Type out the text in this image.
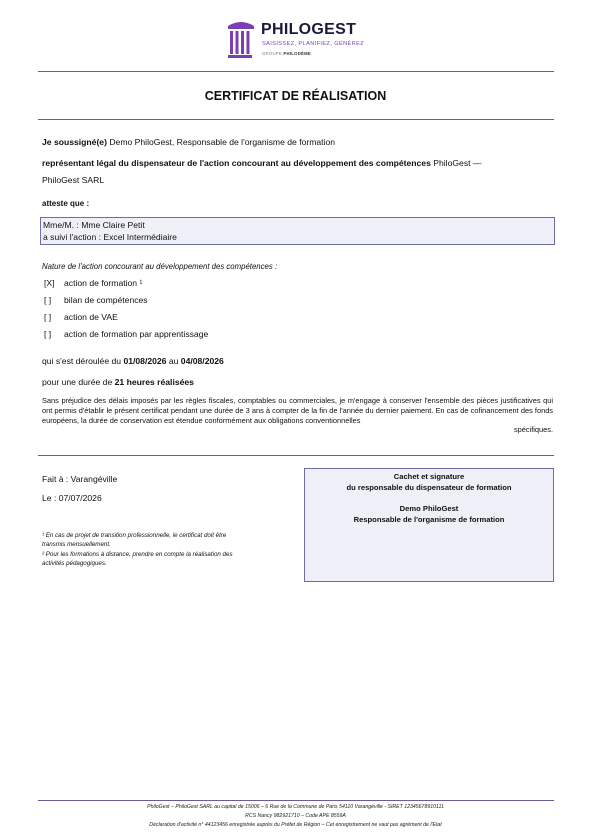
PHILOGEST
SAISISSEZ, PLANIFIEZ, GÉNÉREZ
GROUPE PHILODÈME
CERTIFICAT DE RÉALISATION
Je soussigné(e) Demo PhiloGest, Responsable de l'organisme de formation
représentant légal du dispensateur de l'action concourant au développement des compétences PhiloGest —
PhiloGest SARL
atteste que :
Mme/M. : Mme Claire Petit
a suivi l'action : Excel Intermédiaire
Nature de l'action concourant au développement des compétences :
[X] action de formation ¹
[ ] bilan de compétences
[ ] action de VAE
[ ] action de formation par apprentissage
qui s'est déroulée du 01/08/2026 au 04/08/2026
pour une durée de 21 heures réalisées
Sans préjudice des délais imposés par les règles fiscales, comptables ou commerciales, je m'engage à conserver l'ensemble des pièces justificatives qui ont permis d'établir le présent certificat pendant une durée de 3 ans à compter de la fin de l'année du dernier paiement. En cas de cofinancement des fonds européens, la durée de conservation est étendue conformément aux obligations conventionnelles
spécifiques.
Fait à : Varangéville
Le : 07/07/2026
Cachet et signature
du responsable du dispensateur de formation
Demo PhiloGest
Responsable de l'organisme de formation
¹ En cas de projet de transition professionnelle, le certificat doit être
transmis mensuellement.
² Pour les formations à distance, prendre en compte la réalisation des
activités pédagogiques.
PhiloGest – PhiloGest SARL au capital de 15006 – 6 Rue de la Commune de Paris 54110 Varangéville - SIRET 12345678910111
RCS Nancy 982921710 – Code APE 8559A
Déclaration d'activité n° 44123456 enregistrée auprès du Préfet de Région – Cet enregistrement ne vaut pas agrément de l'Etat
